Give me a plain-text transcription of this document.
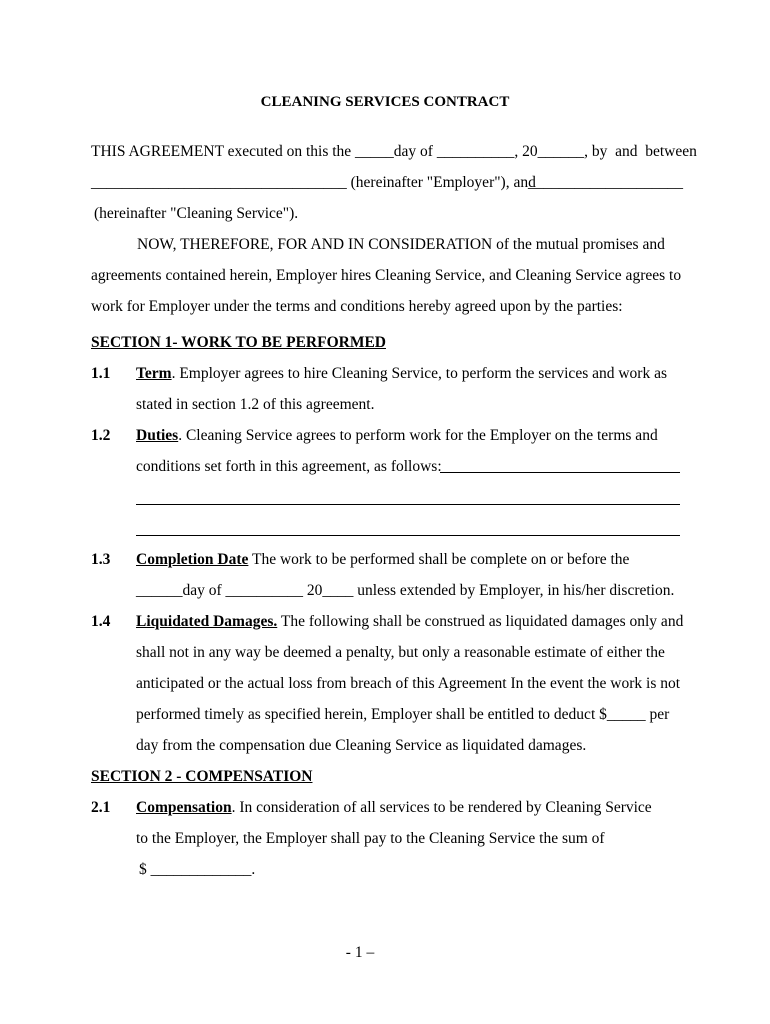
CLEANING SERVICES CONTRACT
THIS AGREEMENT executed on this the _____day of __________, 20______, by and between
_________________________________ (hereinafter "Employer"), and
____________________
(hereinafter "Cleaning Service").
NOW, THEREFORE, FOR AND IN CONSIDERATION of the mutual promises and
agreements contained herein, Employer hires Cleaning Service, and Cleaning Service agrees to
work for Employer under the terms and conditions hereby agreed upon by the parties:
SECTION 1- WORK TO BE PERFORMED
1.1 Term. Employer agrees to hire Cleaning Service, to perform the services and work as
stated in section 1.2 of this agreement.
1.2 Duties. Cleaning Service agrees to perform work for the Employer on the terms and
conditions set forth in this agreement, as follows:
1.3 Completion Date The work to be performed shall be complete on or before the
______day of __________ 20____ unless extended by Employer, in his/her discretion.
1.4 Liquidated Damages. The following shall be construed as liquidated damages only and
shall not in any way be deemed a penalty, but only a reasonable estimate of either the
anticipated or the actual loss from breach of this Agreement In the event the work is not
performed timely as specified herein, Employer shall be entitled to deduct $_____ per
day from the compensation due Cleaning Service as liquidated damages.
SECTION 2 - COMPENSATION
2.1 Compensation. In consideration of all services to be rendered by Cleaning Service
to the Employer, the Employer shall pay to the Cleaning Service the sum of
$ _____________.
- 1 –
